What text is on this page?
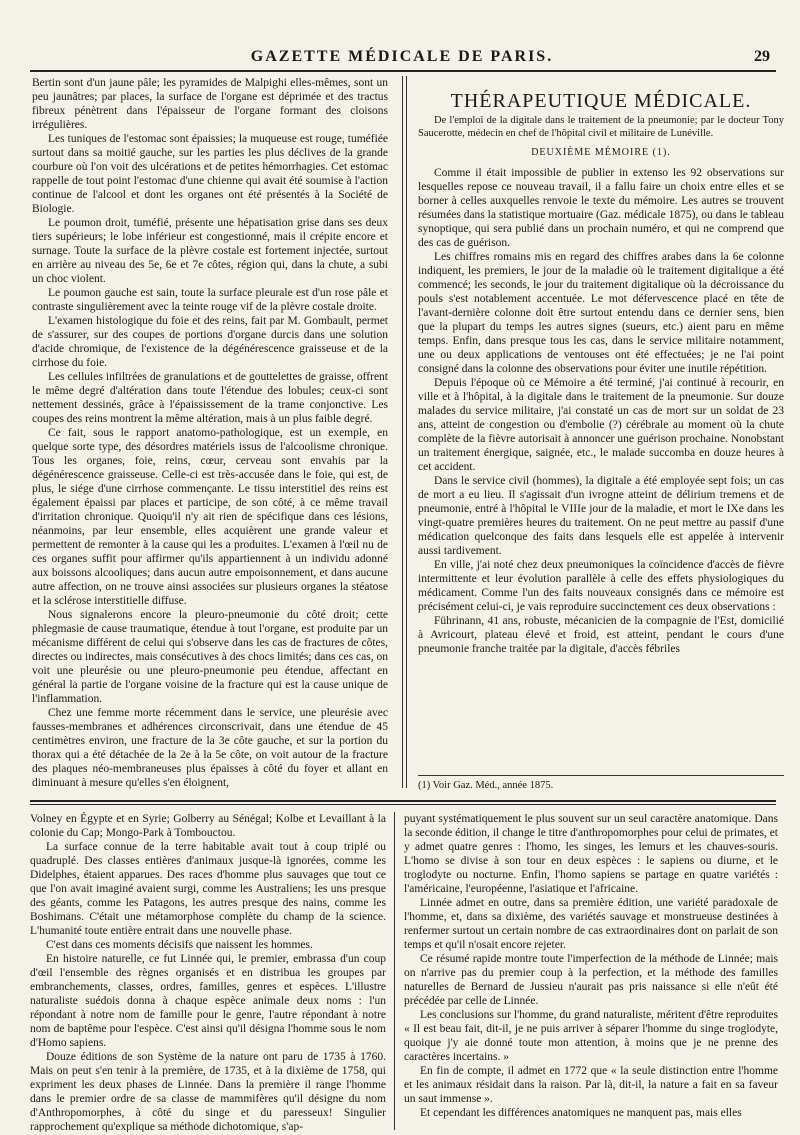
GAZETTE MÉDICALE DE PARIS.	29

Bertin sont d'un jaune pâle; les pyramides de Malpighi elles-mêmes, sont un peu jaunâtres; par places, la surface de l'organe est déprimée et des tractus fibreux pénètrent dans l'épaisseur de l'organe formant des cloisons irrégulières.

Les tuniques de l'estomac sont épaissies; la muqueuse est rouge, tuméfiée surtout dans sa moitié gauche, sur les parties les plus déclives de la grande courbure où l'on voit des ulcérations et de petites hémorrhagies. Cet estomac rappelle de tout point l'estomac d'une chienne qui avait été soumise à l'action continue de l'alcool et dont les organes ont été présentés à la Société de Biologie.

Le poumon droit, tuméfié, présente une hépatisation grise dans ses deux tiers supérieurs; le lobe inférieur est congestionné, mais il crépite encore et surnage. Toute la surface de la plèvre costale est fortement injectée, surtout en arrière au niveau des 5e, 6e et 7e côtes, région qui, dans la chute, a subi un choc violent.

Le poumon gauche est sain, toute la surface pleurale est d'un rose pâle et contraste singulièrement avec la teinte rouge vif de la plèvre costale droite.

L'examen histologique du foie et des reins, fait par M. Gombault, permet de s'assurer, sur des coupes de portions d'organe durcis dans une solution d'acide chromique, de l'existence de la dégénérescence graisseuse et de la cirrhose du foie.

Les cellules infiltrées de granulations et de gouttelettes de graisse, offrent le même degré d'altération dans toute l'étendue des lobules; ceux-ci sont nettement dessinés, grâce à l'épaississement de la trame conjonctive. Les coupes des reins montrent la même altération, mais à un plus faible degré.

Ce fait, sous le rapport anatomo-pathologique, est un exemple, en quelque sorte type, des désordres matériels issus de l'alcoolisme chronique. Tous les organes, foie, reins, cœur, cerveau sont envahis par la dégénérescence graisseuse. Celle-ci est très-accusée dans le foie, qui est, de plus, le siége d'une cirrhose commençante. Le tissu interstitiel des reins est également épaissi par places et participe, de son côté, à ce même travail d'irritation chronique. Quoiqu'il n'y ait rien de spécifique dans ces lésions, néanmoins, par leur ensemble, elles acquièrent une grande valeur et permettent de remonter à la cause qui les a produites. L'examen à l'œil nu de ces organes suffit pour affirmer qu'ils appartiennent à un individu adonné aux boissons alcooliques; dans aucun autre empoisonnement, et dans aucune autre affection, on ne trouve ainsi associées sur plusieurs organes la stéatose et la sclérose interstitielle diffuse.

Nous signalerons encore la pleuro-pneumonie du côté droit; cette phlegmasie de cause traumatique, étendue à tout l'organe, est produite par un mécanisme différent de celui qui s'observe dans les cas de fractures de côtes, directes ou indirectes, mais consécutives à des chocs limités; dans ces cas, on voit une pleurésie ou une pleuro-pneumonie peu étendue, affectant en général la partie de l'organe voisine de la fracture qui est la cause unique de l'inflammation.

Chez une femme morte récemment dans le service, une pleurésie avec fausses-membranes et adhérences circonscrivait, dans une étendue de 45 centimètres environ, une fracture de la 3e côte gauche, et sur la portion du thorax qui a été détachée de la 2e à la 5e côte, on voit autour de la fracture des plaques néo-membraneuses plus épaisses à côté du foyer et allant en diminuant à mesure qu'elles s'en éloignent,

THÉRAPEUTIQUE MÉDICALE.

De l'emploi de la digitale dans le traitement de la pneumonie; par le docteur Tony Saucerotte, médecin en chef de l'hôpital civil et militaire de Lunéville.

DEUXIÈME MÉMOIRE (1).

Comme il était impossible de publier in extenso les 92 observations sur lesquelles repose ce nouveau travail, il a fallu faire un choix entre elles et se borner à celles auxquelles renvoie le texte du mémoire. Les autres se trouvent résumées dans la statistique mortuaire (Gaz. médicale 1875), ou dans le tableau synoptique, qui sera publié dans un prochain numéro, et qui ne comprend que des cas de guérison.

Les chiffres romains mis en regard des chiffres arabes dans la 6e colonne indiquent, les premiers, le jour de la maladie où le traitement digitalique a été commencé; les seconds, le jour du traitement digitalique où la décroissance du pouls s'est notablement accentuée. Le mot défervescence placé en tête de l'avant-dernière colonne doit être surtout entendu dans ce dernier sens, bien que la plupart du temps les autres signes (sueurs, etc.) aient paru en même temps. Enfin, dans presque tous les cas, dans le service militaire notamment, une ou deux applications de ventouses ont été effectuées; je ne l'ai point consigné dans la colonne des observations pour éviter une inutile répétition.

Depuis l'époque où ce Mémoire a été terminé, j'ai continué à recourir, en ville et à l'hôpital, à la digitale dans le traitement de la pneumonie. Sur douze malades du service militaire, j'ai constaté un cas de mort sur un soldat de 23 ans, atteint de congestion ou d'embolie (?) cérébrale au moment où la chute complète de la fièvre autorisait à annoncer une guérison prochaine. Nonobstant un traitement énergique, saignée, etc., le malade succomba en douze heures à cet accident.

Dans le service civil (hommes), la digitale a été employée sept fois; un cas de mort a eu lieu. Il s'agissait d'un ivrogne atteint de délirium tremens et de pneumonie, entré à l'hôpital le VIIIe jour de la maladie, et mort le IXe dans les vingt-quatre premières heures du traitement. On ne peut mettre au passif d'une médication quelconque des faits dans lesquels elle est appelée à intervenir aussi tardivement.

En ville, j'ai noté chez deux pneumoniques la coïncidence d'accès de fièvre intermittente et leur évolution parallèle à celle des effets physiologiques du médicament. Comme l'un des faits nouveaux consignés dans ce mémoire est précisément celui-ci, je vais reproduire succinctement ces deux observations :

Führinann, 41 ans, robuste, mécanicien de la compagnie de l'Est, domicilié à Avricourt, plateau élevé et froid, est atteint, pendant le cours d'une pneumonie franche traitée par la digitale, d'accès fébriles

(1) Voir Gaz. Méd., année 1875.

Volney en Égypte et en Syrie; Golberry au Sénégal; Kolbe et Levaillant à la colonie du Cap; Mongo-Park à Tombouctou.

La surface connue de la terre habitable avait tout à coup triplé ou quadruplé. Des classes entières d'animaux jusque-là ignorées, comme les Didelphes, étaient apparues. Des races d'homme plus sauvages que tout ce que l'on avait imaginé avaient surgi, comme les Australiens; les uns presque des géants, comme les Patagons, les autres presque des nains, comme les Boshimans. C'était une métamorphose complète du champ de la science. L'humanité toute entière entrait dans une nouvelle phase.

C'est dans ces moments décisifs que naissent les hommes.

En histoire naturelle, ce fut Linnée qui, le premier, embrassa d'un coup d'œil l'ensemble des règnes organisés et en distribua les groupes par embranchements, classes, ordres, familles, genres et espèces. L'illustre naturaliste suédois donna à chaque espèce animale deux noms : l'un répondant à notre nom de famille pour le genre, l'autre répondant à notre nom de baptême pour l'espèce. C'est ainsi qu'il désigna l'homme sous le nom d'Homo sapiens.

Douze éditions de son Système de la nature ont paru de 1735 à 1760. Mais on peut s'en tenir à la première, de 1735, et à la dixième de 1758, qui expriment les deux phases de Linnée. Dans la première il range l'homme dans le premier ordre de sa classe de mammifères qu'il désigne du nom d'Anthropomorphes, à côté du singe et du paresseux! Singulier rapprochement qu'explique sa méthode dichotomique, s'ap-

puyant systématiquement le plus souvent sur un seul caractère anatomique. Dans la seconde édition, il change le titre d'anthropomorphes pour celui de primates, et y admet quatre genres : l'homo, les singes, les lemurs et les chauves-souris. L'homo se divise à son tour en deux espèces : le sapiens ou diurne, et le troglodyte ou nocturne. Enfin, l'homo sapiens se partage en quatre variétés : l'américaine, l'européenne, l'asiatique et l'africaine.

Linnée admet en outre, dans sa première édition, une variété paradoxale de l'homme, et, dans sa dixième, des variétés sauvage et monstrueuse destinées à renfermer surtout un certain nombre de cas extraordinaires dont on parlait de son temps et qu'il n'osait encore rejeter.

Ce résumé rapide montre toute l'imperfection de la méthode de Linnée; mais on n'arrive pas du premier coup à la perfection, et la méthode des familles naturelles de Bernard de Jussieu n'aurait pas pris naissance si elle n'eût été précédée par celle de Linnée.

Les conclusions sur l'homme, du grand naturaliste, méritent d'être reproduites « Il est beau fait, dit-il, je ne puis arriver à séparer l'homme du singe troglodyte, quoique j'y aie donné toute mon attention, à moins que je ne prenne des caractères incertains. »

En fin de compte, il admet en 1772 que « la seule distinction entre l'homme et les animaux résidait dans la raison. Par là, dit-il, la nature a fait en sa faveur un saut immense ».

Et cependant les différences anatomiques ne manquent pas, mais elles
